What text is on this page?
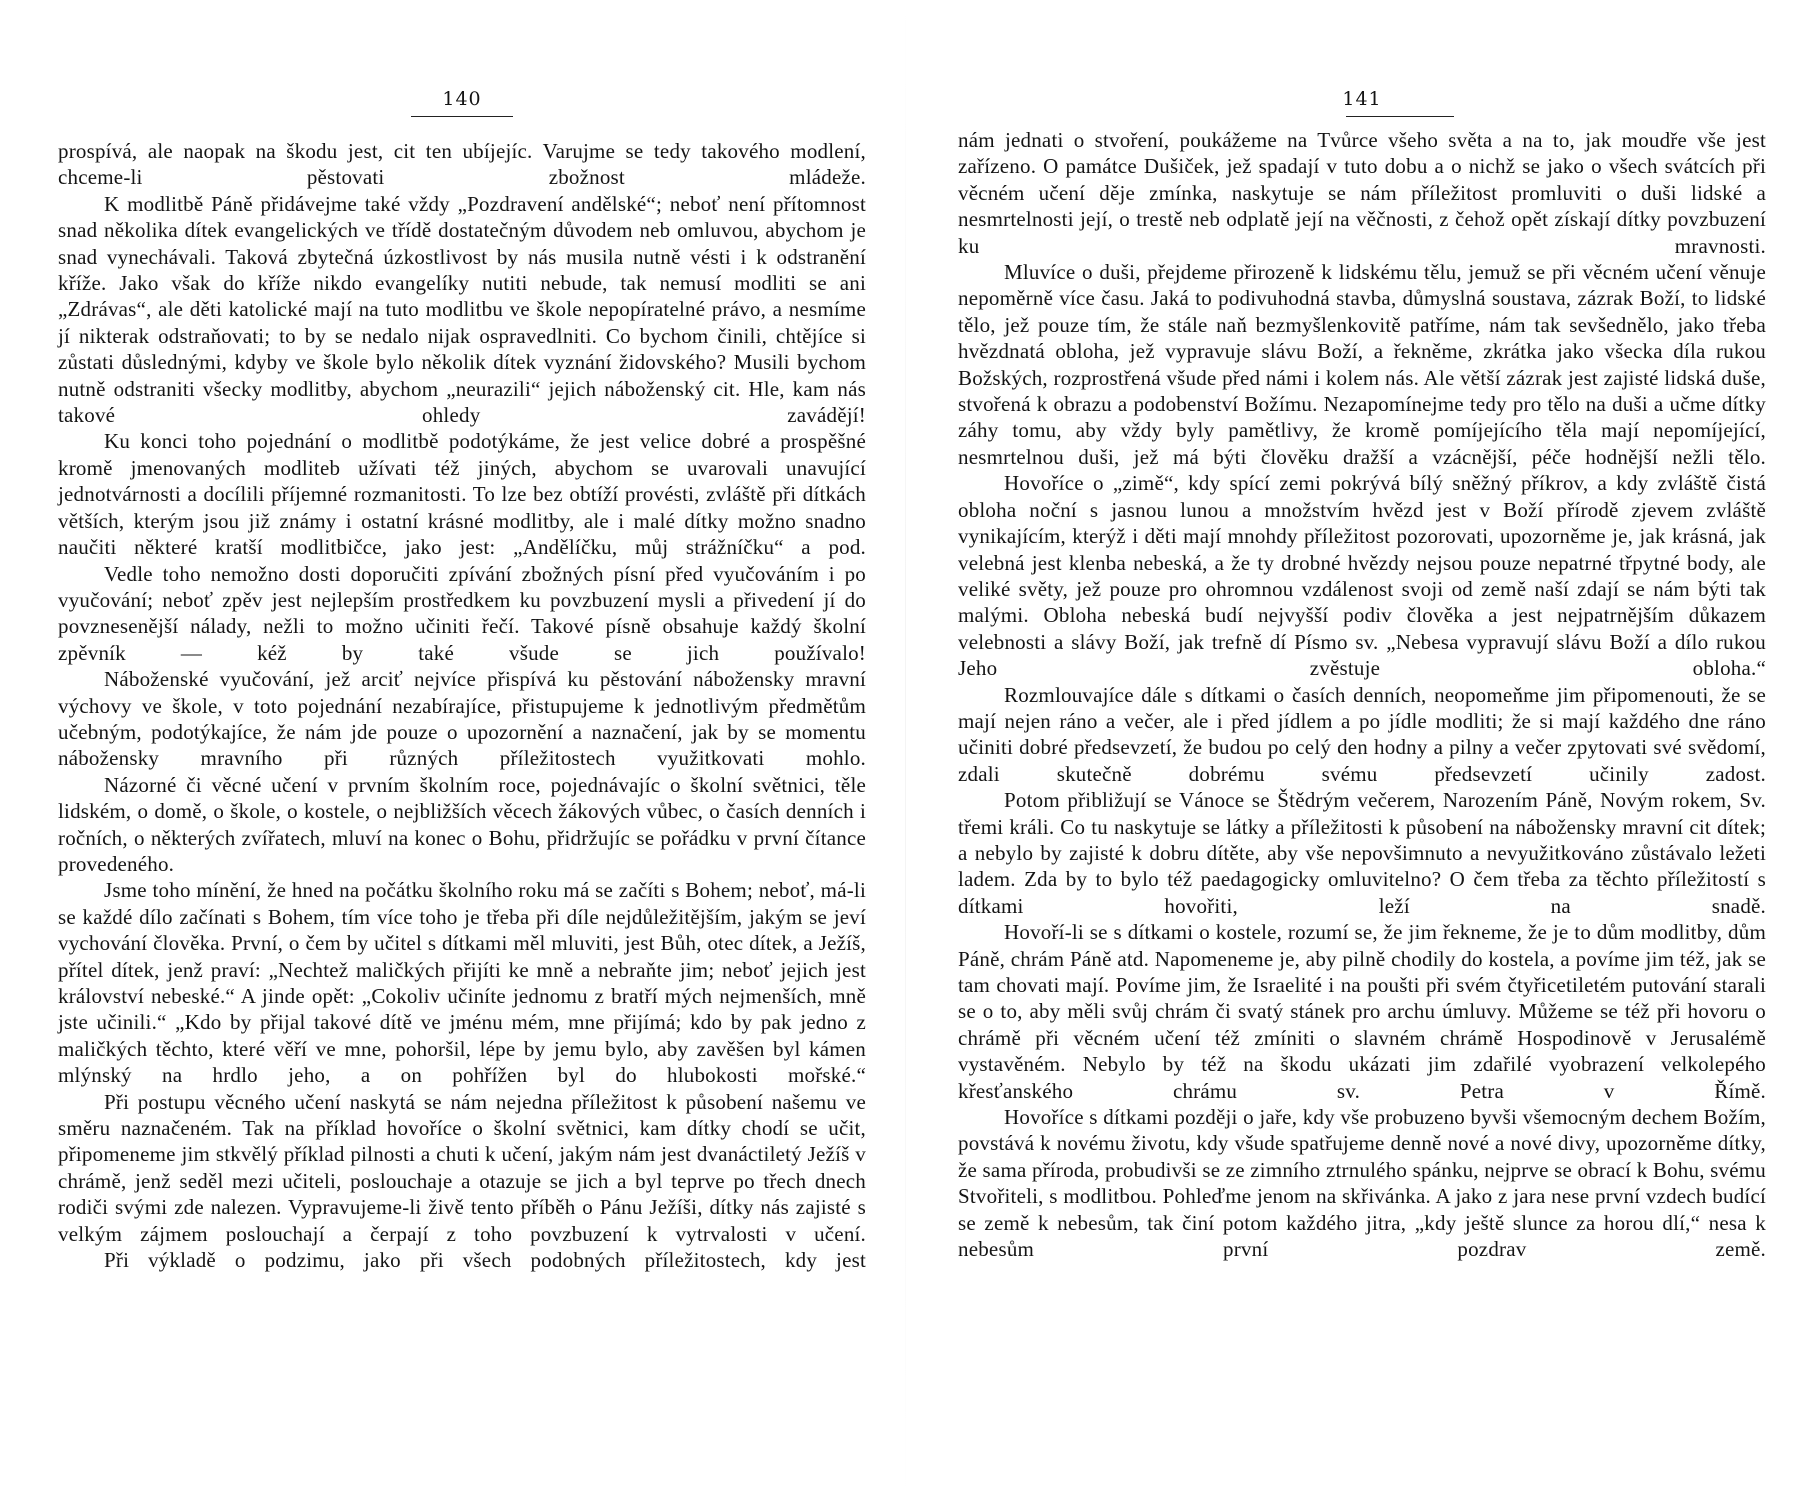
140

prospívá, ale naopak na škodu jest, cit ten ubíjejíc. Varujme se tedy takového modlení, chceme-li pěstovati zbožnost mládeže.

K modlitbě Páně přidávejme také vždy „Pozdravení andělské“; neboť není přítomnost snad několika dítek evangelických ve třídě dostatečným důvodem neb omluvou, abychom je snad vynechávali. Taková zbytečná úzkostlivost by nás musila nutně vésti i k odstranění kříže. Jako však do kříže nikdo evangelíky nutiti nebude, tak nemusí modliti se ani „Zdrávas“, ale děti katolické mají na tuto modlitbu ve škole nepopíratelné právo, a nesmíme jí nikterak odstraňovati; to by se nedalo nijak ospravedlniti. Co bychom činili, chtějíce si zůstati důslednými, kdyby ve škole bylo několik dítek vyznání židovského? Musili bychom nutně odstraniti všecky modlitby, abychom „neurazili“ jejich náboženský cit. Hle, kam nás takové ohledy zavádějí!

Ku konci toho pojednání o modlitbě podotýkáme, že jest velice dobré a prospěšné kromě jmenovaných modliteb užívati též jiných, abychom se uvarovali unavující jednotvárnosti a docílili příjemné rozmanitosti. To lze bez obtíží provésti, zvláště při dítkách větších, kterým jsou již známy i ostatní krásné modlitby, ale i malé dítky možno snadno naučiti některé kratší modlitbičce, jako jest: „Andělíčku, můj strážníčku“ a pod.

Vedle toho nemožno dosti doporučiti zpívání zbožných písní před vyučováním i po vyučování; neboť zpěv jest nejlepším prostředkem ku povzbuzení mysli a přivedení jí do povznesenější nálady, nežli to možno učiniti řečí. Takové písně obsahuje každý školní zpěvník — kéž by také všude se jich používalo!

Náboženské vyučování, jež arciť nejvíce přispívá ku pěstování nábožensky mravní výchovy ve škole, v toto pojednání nezabírajíce, přistupujeme k jednotlivým předmětům učebným, podotýkajíce, že nám jde pouze o upozornění a naznačení, jak by se momentu nábožensky mravního při různých příležitostech využitkovati mohlo.

Názorné či věcné učení v prvním školním roce, pojednávajíc o školní světnici, těle lidském, o domě, o škole, o kostele, o nejbližších věcech žákových vůbec, o časích denních i ročních, o některých zvířatech, mluví na konec o Bohu, přidržujíc se pořádku v první čítance provedeného.

Jsme toho mínění, že hned na počátku školního roku má se začíti s Bohem; neboť, má-li se každé dílo začínati s Bohem, tím více toho je třeba při díle nejdůležitějším, jakým se jeví vychování člověka. První, o čem by učitel s dítkami měl mluviti, jest Bůh, otec dítek, a Ježíš, přítel dítek, jenž praví: „Nechtež maličkých přijíti ke mně a nebraňte jim; neboť jejich jest království nebeské.“ A jinde opět: „Cokoliv učiníte jednomu z bratří mých nejmenších, mně jste učinili.“ „Kdo by přijal takové dítě ve jménu mém, mne přijímá; kdo by pak jedno z maličkých těchto, které věří ve mne, pohoršil, lépe by jemu bylo, aby zavěšen byl kámen mlýnský na hrdlo jeho, a on pohřížen byl do hlubokosti mořské.“

Při postupu věcného učení naskytá se nám nejedna příležitost k působení našemu ve směru naznačeném. Tak na příklad hovoříce o školní světnici, kam dítky chodí se učit, připomeneme jim stkvělý příklad pilnosti a chuti k učení, jakým nám jest dvanáctiletý Ježíš v chrámě, jenž seděl mezi učiteli, poslouchaje a otazuje se jich a byl teprve po třech dnech rodiči svými zde nalezen. Vypravujeme-li živě tento příběh o Pánu Ježíši, dítky nás zajisté s velkým zájmem poslouchají a čerpají z toho povzbuzení k vytrvalosti v učení.

Při výkladě o podzimu, jako při všech podobných příležitostech, kdy jest

141

nám jednati o stvoření, poukážeme na Tvůrce všeho světa a na to, jak moudře vše jest zařízeno. O památce Dušiček, jež spadají v tuto dobu a o nichž se jako o všech svátcích při věcném učení děje zmínka, naskytuje se nám příležitost promluviti o duši lidské a nesmrtelnosti její, o trestě neb odplatě její na věčnosti, z čehož opět získají dítky povzbuzení ku mravnosti.

Mluvíce o duši, přejdeme přirozeně k lidskému tělu, jemuž se při věcném učení věnuje nepoměrně více času. Jaká to podivuhodná stavba, důmyslná soustava, zázrak Boží, to lidské tělo, jež pouze tím, že stále naň bezmyšlenkovitě patříme, nám tak sevšednělo, jako třeba hvězdnatá obloha, jež vypravuje slávu Boží, a řekněme, zkrátka jako všecka díla rukou Božských, rozprostřená všude před námi i kolem nás. Ale větší zázrak jest zajisté lidská duše, stvořená k obrazu a podobenství Božímu. Nezapomínejme tedy pro tělo na duši a učme dítky záhy tomu, aby vždy byly pamětlivy, že kromě pomíjejícího těla mají nepomíjející, nesmrtelnou duši, jež má býti člověku dražší a vzácnější, péče hodnější nežli tělo.

Hovoříce o „zimě“, kdy spící zemi pokrývá bílý sněžný příkrov, a kdy zvláště čistá obloha noční s jasnou lunou a množstvím hvězd jest v Boží přírodě zjevem zvláště vynikajícím, kterýž i děti mají mnohdy příležitost pozorovati, upozorněme je, jak krásná, jak velebná jest klenba nebeská, a že ty drobné hvězdy nejsou pouze nepatrné třpytné body, ale veliké světy, jež pouze pro ohromnou vzdálenost svoji od země naší zdají se nám býti tak malými. Obloha nebeská budí nejvyšší podiv člověka a jest nejpatrnějším důkazem velebnosti a slávy Boží, jak trefně dí Písmo sv. „Nebesa vypravují slávu Boží a dílo rukou Jeho zvěstuje obloha.“

Rozmlouvajíce dále s dítkami o časích denních, neopomeňme jim připomenouti, že se mají nejen ráno a večer, ale i před jídlem a po jídle modliti; že si mají každého dne ráno učiniti dobré předsevzetí, že budou po celý den hodny a pilny a večer zpytovati své svědomí, zdali skutečně dobrému svému předsevzetí učinily zadost.

Potom přibližují se Vánoce se Štědrým večerem, Narozením Páně, Novým rokem, Sv. třemi králi. Co tu naskytuje se látky a příležitosti k působení na nábožensky mravní cit dítek; a nebylo by zajisté k dobru dítěte, aby vše nepovšimnuto a nevyužitkováno zůstávalo ležeti ladem. Zda by to bylo též paedagogicky omluvitelno? O čem třeba za těchto příležitostí s dítkami hovořiti, leží na snadě.

Hovoří-li se s dítkami o kostele, rozumí se, že jim řekneme, že je to dům modlitby, dům Páně, chrám Páně atd. Napomeneme je, aby pilně chodily do kostela, a povíme jim též, jak se tam chovati mají. Povíme jim, že Israelité i na poušti při svém čtyřicetiletém putování starali se o to, aby měli svůj chrám či svatý stánek pro archu úmluvy. Můžeme se též při hovoru o chrámě při věcném učení též zmíniti o slavném chrámě Hospodinově v Jerusalémě vystavěném. Nebylo by též na škodu ukázati jim zdařilé vyobrazení velkolepého křesťanského chrámu sv. Petra v Římě.

Hovoříce s dítkami později o jaře, kdy vše probuzeno byvši všemocným dechem Božím, povstává k novému životu, kdy všude spatřujeme denně nové a nové divy, upozorněme dítky, že sama příroda, probudivši se ze zimního ztrnulého spánku, nejprve se obrací k Bohu, svému Stvořiteli, s modlitbou. Pohleďme jenom na skřivánka. A jako z jara nese první vzdech budící se země k nebesům, tak činí potom každého jitra, „kdy ještě slunce za horou dlí,“ nesa k nebesům první pozdrav země.
